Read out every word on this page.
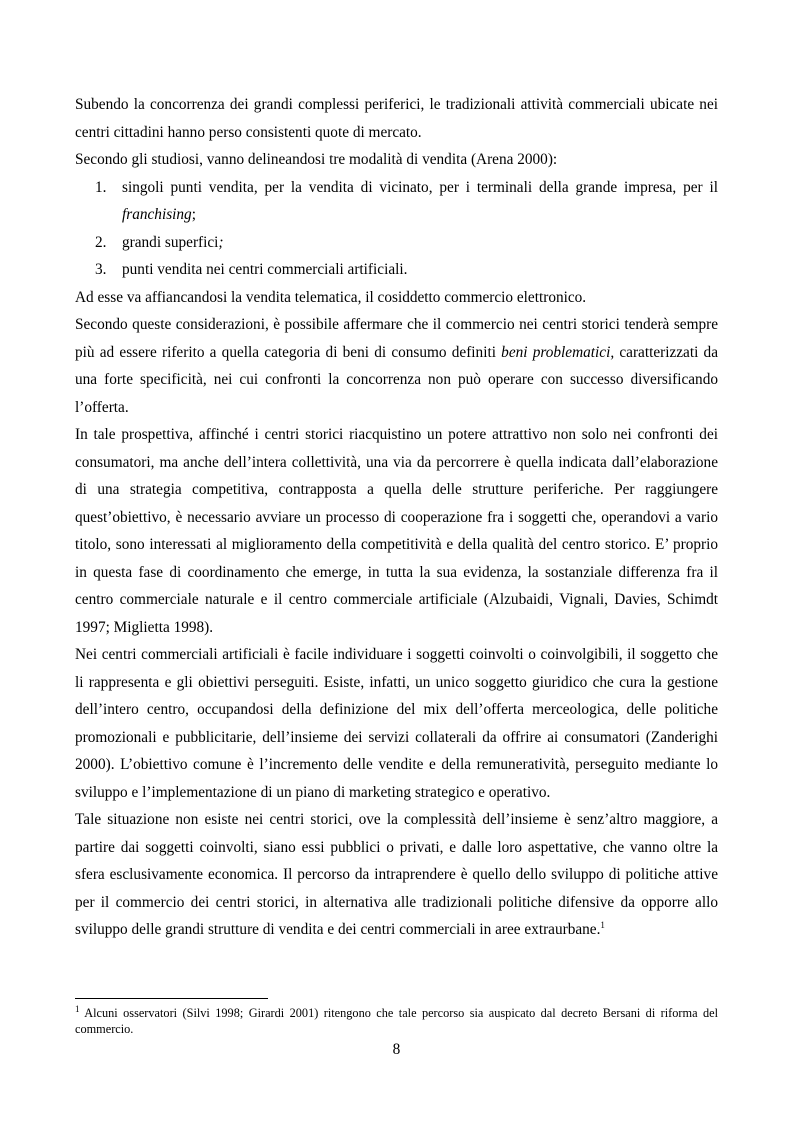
Subendo la concorrenza dei grandi complessi periferici, le tradizionali attività commerciali ubicate nei centri cittadini hanno perso consistenti quote di mercato.

Secondo gli studiosi, vanno delineandosi tre modalità di vendita (Arena 2000):

1. singoli punti vendita, per la vendita di vicinato, per i terminali della grande impresa, per il franchising;
2. grandi superfici;
3. punti vendita nei centri commerciali artificiali.

Ad esse va affiancandosi la vendita telematica, il cosiddetto commercio elettronico.

Secondo queste considerazioni, è possibile affermare che il commercio nei centri storici tenderà sempre più ad essere riferito a quella categoria di beni di consumo definiti beni problematici, caratterizzati da una forte specificità, nei cui confronti la concorrenza non può operare con successo diversificando l’offerta.

In tale prospettiva, affinché i centri storici riacquistino un potere attrattivo non solo nei confronti dei consumatori, ma anche dell’intera collettività, una via da percorrere è quella indicata dall’elaborazione di una strategia competitiva, contrapposta a quella delle strutture periferiche. Per raggiungere quest’obiettivo, è necessario avviare un processo di cooperazione fra i soggetti che, operandovi a vario titolo, sono interessati al miglioramento della competitività e della qualità del centro storico. E’ proprio in questa fase di coordinamento che emerge, in tutta la sua evidenza, la sostanziale differenza fra il centro commerciale naturale e il centro commerciale artificiale (Alzubaidi, Vignali, Davies, Schimdt 1997; Miglietta 1998).

Nei centri commerciali artificiali è facile individuare i soggetti coinvolti o coinvolgibili, il soggetto che li rappresenta e gli obiettivi perseguiti. Esiste, infatti, un unico soggetto giuridico che cura la gestione dell’intero centro, occupandosi della definizione del mix dell’offerta merceologica, delle politiche promozionali e pubblicitarie, dell’insieme dei servizi collaterali da offrire ai consumatori (Zanderighi 2000). L’obiettivo comune è l’incremento delle vendite e della remuneratività, perseguito mediante lo sviluppo e l’implementazione di un piano di marketing strategico e operativo.

Tale situazione non esiste nei centri storici, ove la complessità dell’insieme è senz’altro maggiore, a partire dai soggetti coinvolti, siano essi pubblici o privati, e dalle loro aspettative, che vanno oltre la sfera esclusivamente economica. Il percorso da intraprendere è quello dello sviluppo di politiche attive per il commercio dei centri storici, in alternativa alle tradizionali politiche difensive da opporre allo sviluppo delle grandi strutture di vendita e dei centri commerciali in aree extraurbane.$^1$

$^1$ Alcuni osservatori (Silvi 1998; Girardi 2001) ritengono che tale percorso sia auspicato dal decreto Bersani di riforma del commercio.
8
